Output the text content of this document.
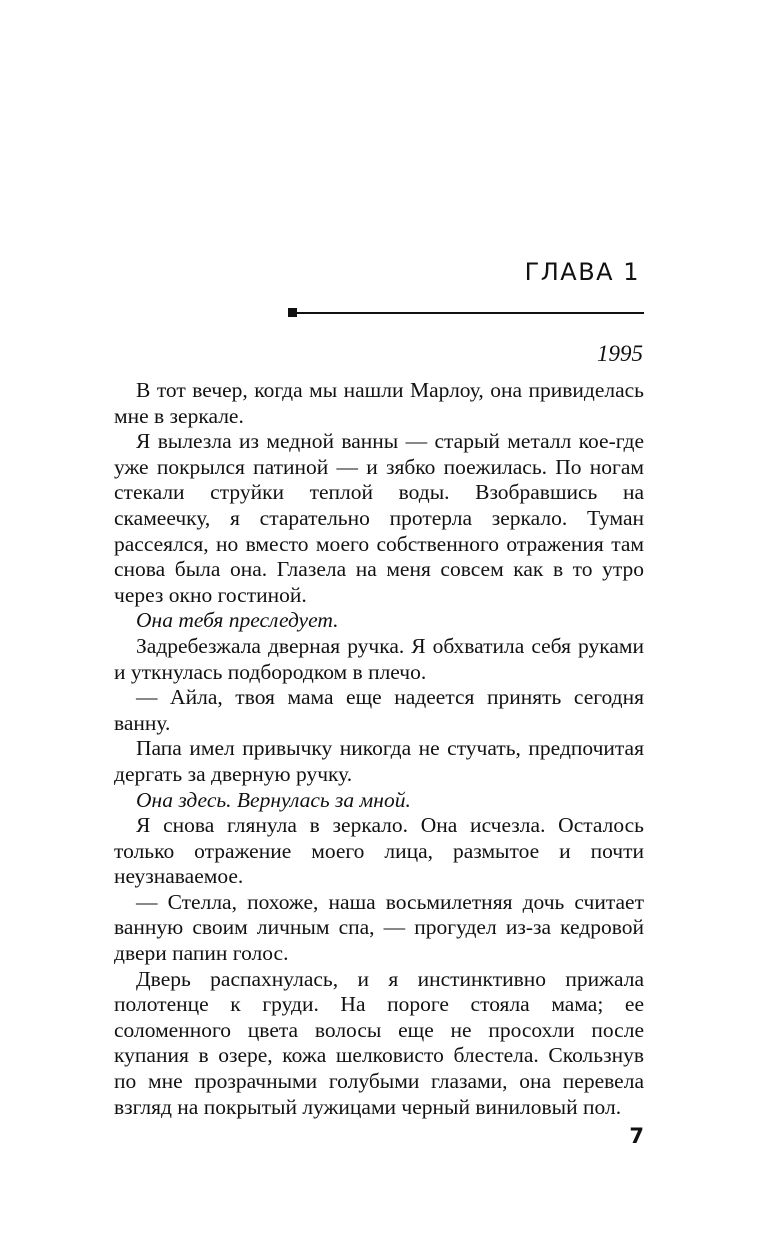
ГЛАВА 1
1995

В тот вечер, когда мы нашли Марлоу, она привиделась мне в зеркале.

Я вылезла из медной ванны — старый металл кое-где уже покрылся патиной — и зябко поежилась. По ногам стекали струйки теплой воды. Взобравшись на скамеечку, я старательно протерла зеркало. Туман рассеялся, но вместо моего собственного отражения там снова была она. Глазела на меня совсем как в то утро через окно гостиной.

Она тебя преследует.

Задребезжала дверная ручка. Я обхватила себя руками и уткнулась подбородком в плечо.

— Айла, твоя мама еще надеется принять сегодня ванну.

Папа имел привычку никогда не стучать, предпочитая дергать за дверную ручку.

Она здесь. Вернулась за мной.

Я снова глянула в зеркало. Она исчезла. Осталось только отражение моего лица, размытое и почти неузнаваемое.

— Стелла, похоже, наша восьмилетняя дочь считает ванную своим личным спа, — прогудел из-за кедровой двери папин голос.

Дверь распахнулась, и я инстинктивно прижала полотенце к груди. На пороге стояла мама; ее соломенного цвета волосы еще не просохли после купания в озере, кожа шелковисто блестела. Скользнув по мне прозрачными голубыми глазами, она перевела взгляд на покрытый лужицами черный виниловый пол.

7
